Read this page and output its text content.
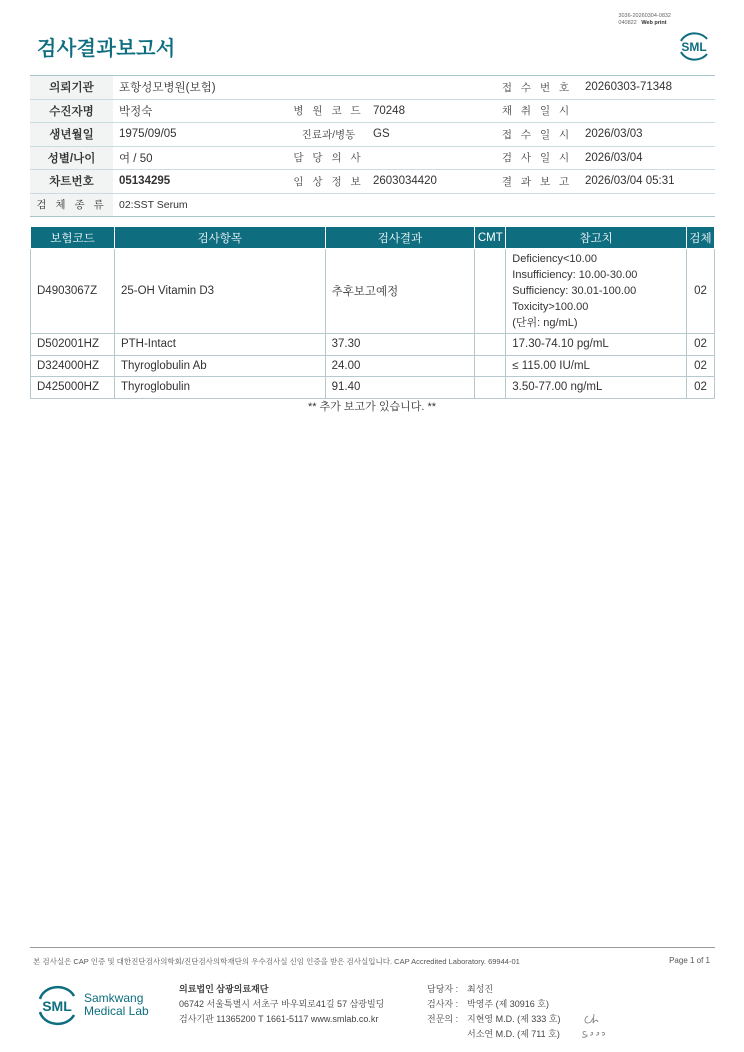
3036-20260304-0832
040822 Web print
검사결과보고서	SML
의뢰기관	포항성모병원(보험)			접 수 번 호	20260303-71348
수진자명	박정숙	병 원 코 드	70248	채 취 일 시	
생년월일	1975/09/05	진료과/병동	GS	접 수 일 시	2026/03/03
성별/나이	여 / 50	담 당 의 사		검 사 일 시	2026/03/04
차트번호	05134295	임 상 정 보	2603034420	결 과 보 고	2026/03/04 05:31
검 체 종 류	02:SST Serum				
보험코드	검사항목	검사결과	CMT	참고치	검체
D4903067Z	25-OH Vitamin D3	추후보고예정		Deficiency<10.00
Insufficiency: 10.00-30.00
Sufficiency: 30.01-100.00
Toxicity>100.00
(단위: ng/mL)	02
D502001HZ	PTH-Intact	37.30		17.30-74.10 pg/mL	02
D324000HZ	Thyroglobulin Ab	24.00		≤ 115.00 IU/mL	02
D425000HZ	Thyroglobulin	91.40		3.50-77.00 ng/mL	02
** 추가 보고가 있습니다. **
본 검사실은 CAP 인증 및 대한진단검사의학회/진단검사의학재단의 우수검사실 신임 인증을 받은 검사실입니다. CAP Accredited Laboratory. 69944-01	Page 1 of 1
SML Samkwang
Medical Lab
의료법인 삼광의료재단
06742 서울특별시 서초구 바우뫼로41길 57 삼광빌딩
검사기관 11365200 T 1661-5117 www.smlab.co.kr
담당자 : 최성진
검사자 : 박영주 (제 30916 호)
전문의 : 지현영 M.D. (제 333 호)
서소연 M.D. (제 711 호)
